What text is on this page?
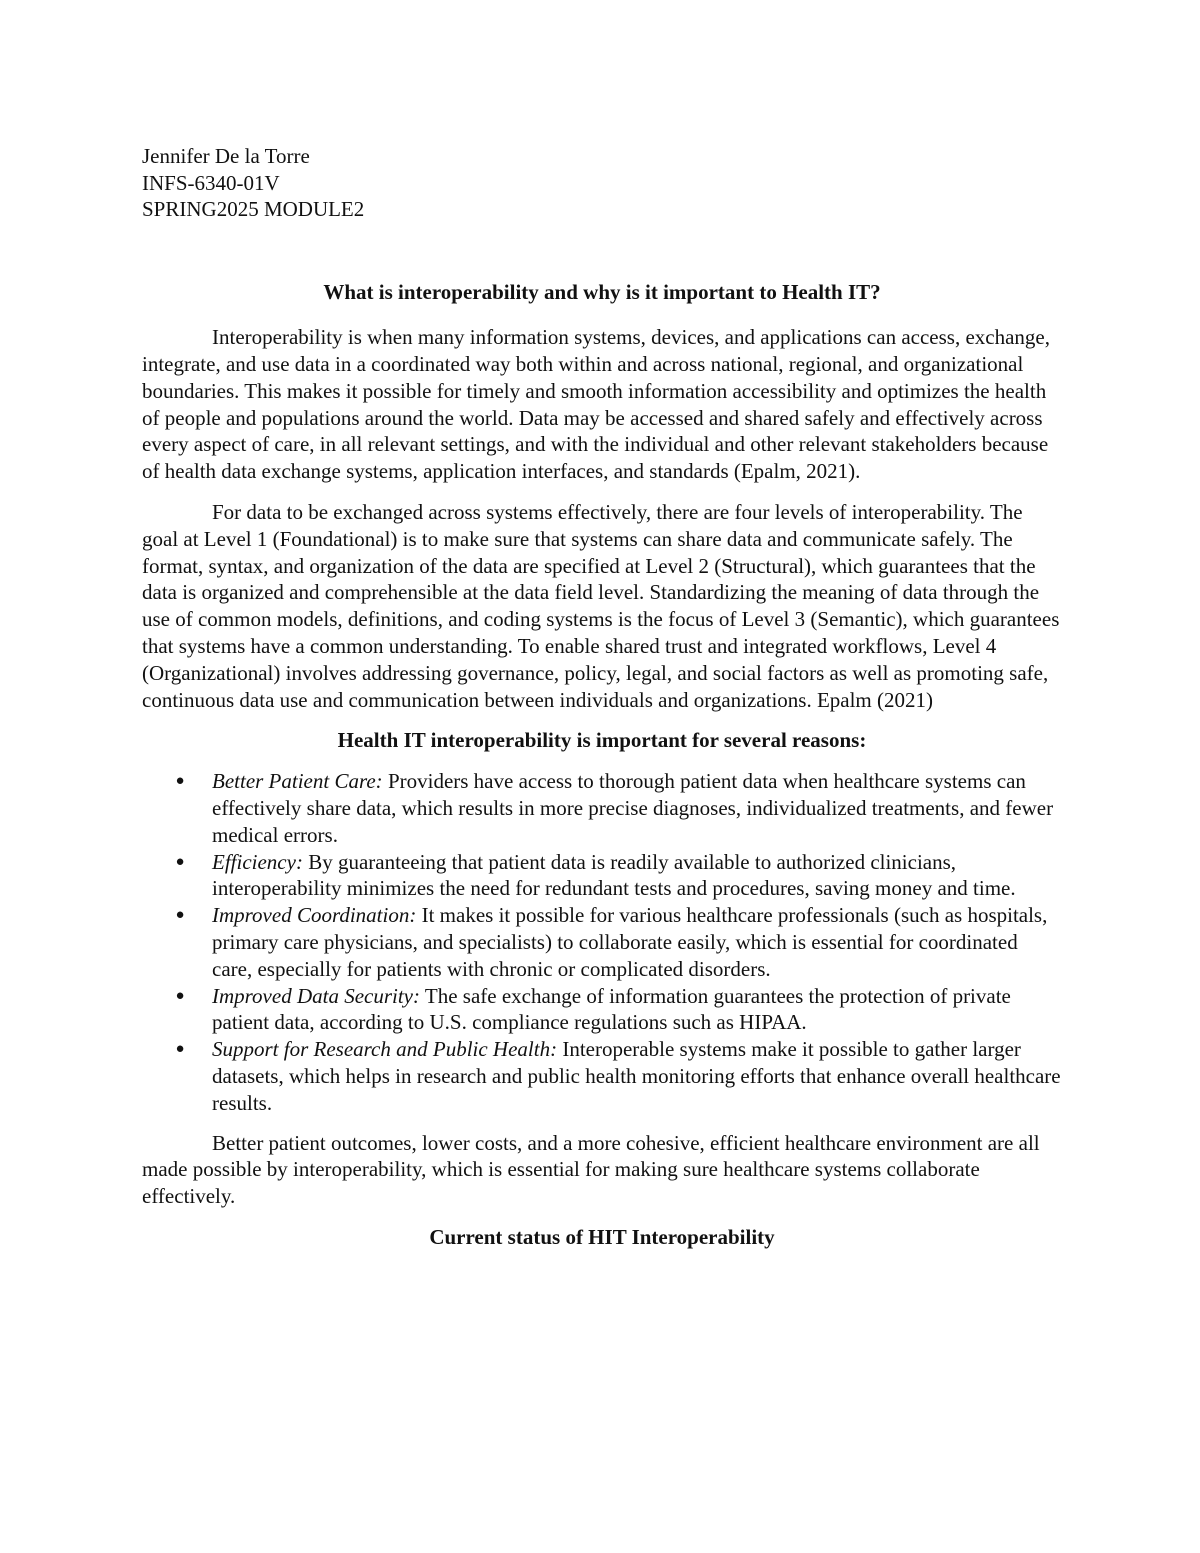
Jennifer De la Torre

INFS-6340-01V

SPRING2025 MODULE2

What is interoperability and why is it important to Health IT?

Interoperability is when many information systems, devices, and applications can access, exchange, integrate, and use data in a coordinated way both within and across national, regional, and organizational boundaries. This makes it possible for timely and smooth information accessibility and optimizes the health of people and populations around the world. Data may be accessed and shared safely and effectively across every aspect of care, in all relevant settings, and with the individual and other relevant stakeholders because of health data exchange systems, application interfaces, and standards (Epalm, 2021).

For data to be exchanged across systems effectively, there are four levels of interoperability. The goal at Level 1 (Foundational) is to make sure that systems can share data and communicate safely. The format, syntax, and organization of the data are specified at Level 2 (Structural), which guarantees that the data is organized and comprehensible at the data field level. Standardizing the meaning of data through the use of common models, definitions, and coding systems is the focus of Level 3 (Semantic), which guarantees that systems have a common understanding. To enable shared trust and integrated workflows, Level 4 (Organizational) involves addressing governance, policy, legal, and social factors as well as promoting safe, continuous data use and communication between individuals and organizations. Epalm (2021)

Health IT interoperability is important for several reasons:
● Better Patient Care: Providers have access to thorough patient data when healthcare systems can effectively share data, which results in more precise diagnoses, individualized treatments, and fewer medical errors.
● Efficiency: By guaranteeing that patient data is readily available to authorized clinicians, interoperability minimizes the need for redundant tests and procedures, saving money and time.
● Improved Coordination: It makes it possible for various healthcare professionals (such as hospitals, primary care physicians, and specialists) to collaborate easily, which is essential for coordinated care, especially for patients with chronic or complicated disorders.
● Improved Data Security: The safe exchange of information guarantees the protection of private patient data, according to U.S. compliance regulations such as HIPAA.
● Support for Research and Public Health: Interoperable systems make it possible to gather larger datasets, which helps in research and public health monitoring efforts that enhance overall healthcare results.

Better patient outcomes, lower costs, and a more cohesive, efficient healthcare environment are all made possible by interoperability, which is essential for making sure healthcare systems collaborate effectively.

Current status of HIT Interoperability
